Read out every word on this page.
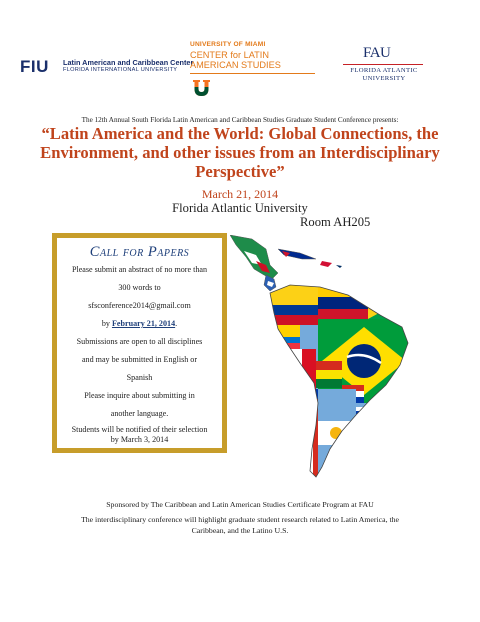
FIU Latin American and Caribbean Center
FLORIDA INTERNATIONAL UNIVERSITY
UNIVERSITY OF MIAMI
CENTER for LATIN
AMERICAN STUDIES
FAU
FLORIDA ATLANTIC
UNIVERSITY
The 12th Annual South Florida Latin American and Caribbean Studies Graduate Student Conference presents:
“Latin America and the World: Global Connections, the
Environment, and other issues from an Interdisciplinary
Perspective”
March 21, 2014
Florida Atlantic University
Room AH205
Call for Papers
Please submit an abstract of no more than
300 words to
sfsconference2014@gmail.com
by February 21, 2014.
Submissions are open to all disciplines
and may be submitted in English or
Spanish
Please inquire about submitting in
another language.
Students will be notified of their selection
by March 3, 2014
Sponsored by The Caribbean and Latin American Studies Certificate Program at FAU
The interdisciplinary conference will highlight graduate student research related to Latin America, the
Caribbean, and the Latino U.S.
